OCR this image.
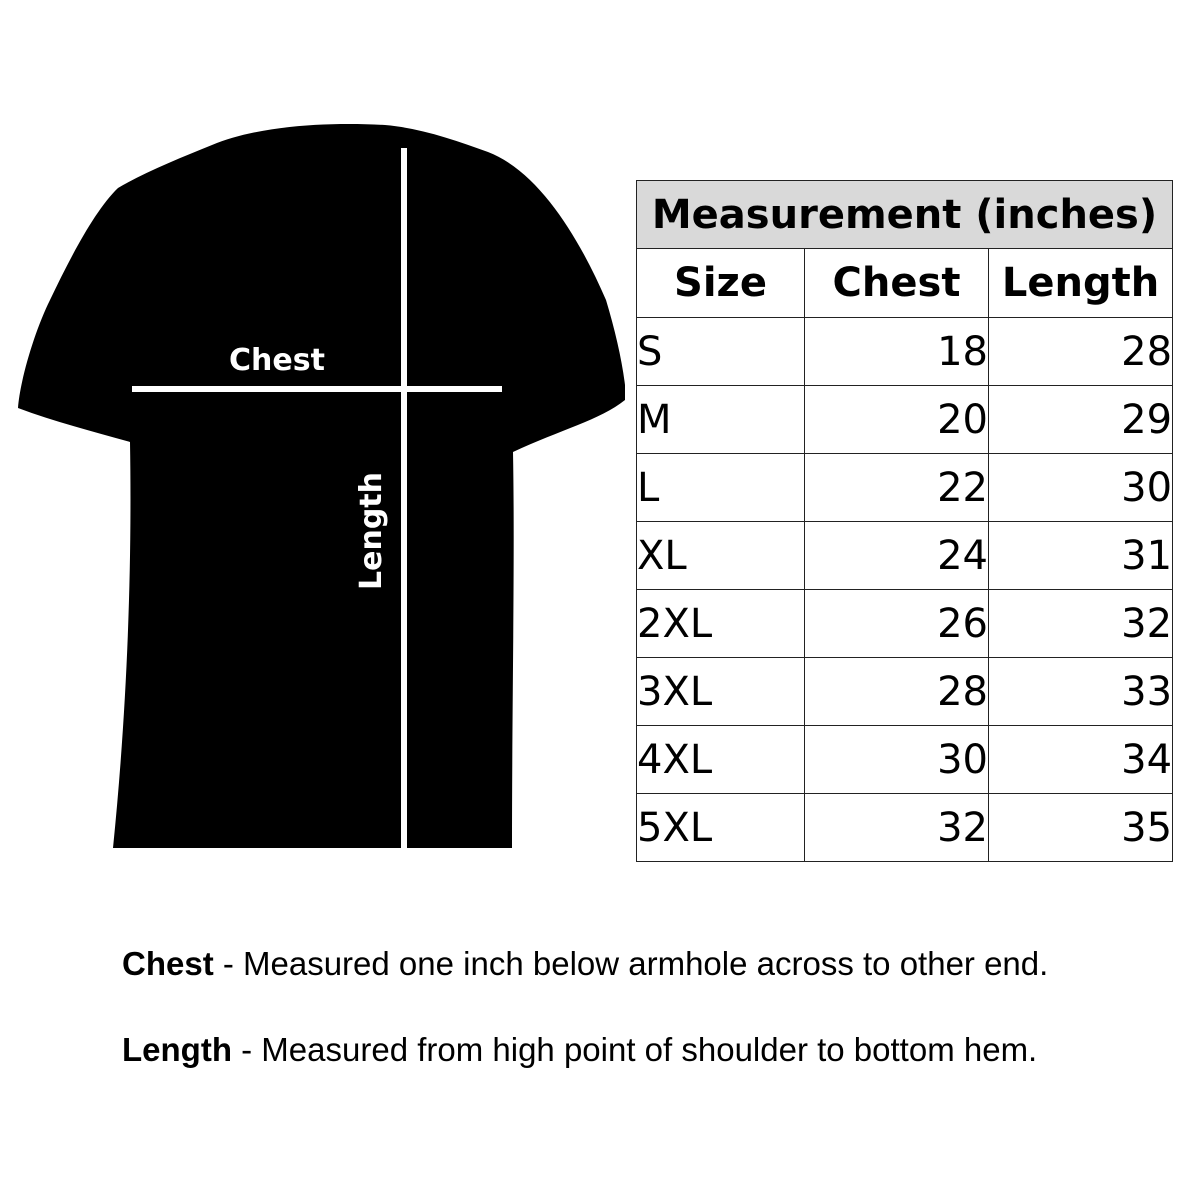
Chest
Length
Measurement (inches)		
Size	Chest	Length
S	18	28
M	20	29
L	22	30
XL	24	31
2XL	26	32
3XL	28	33
4XL	30	34
5XL	32	35
Chest - Measured one inch below armhole across to other end.
Length - Measured from high point of shoulder to bottom hem.
